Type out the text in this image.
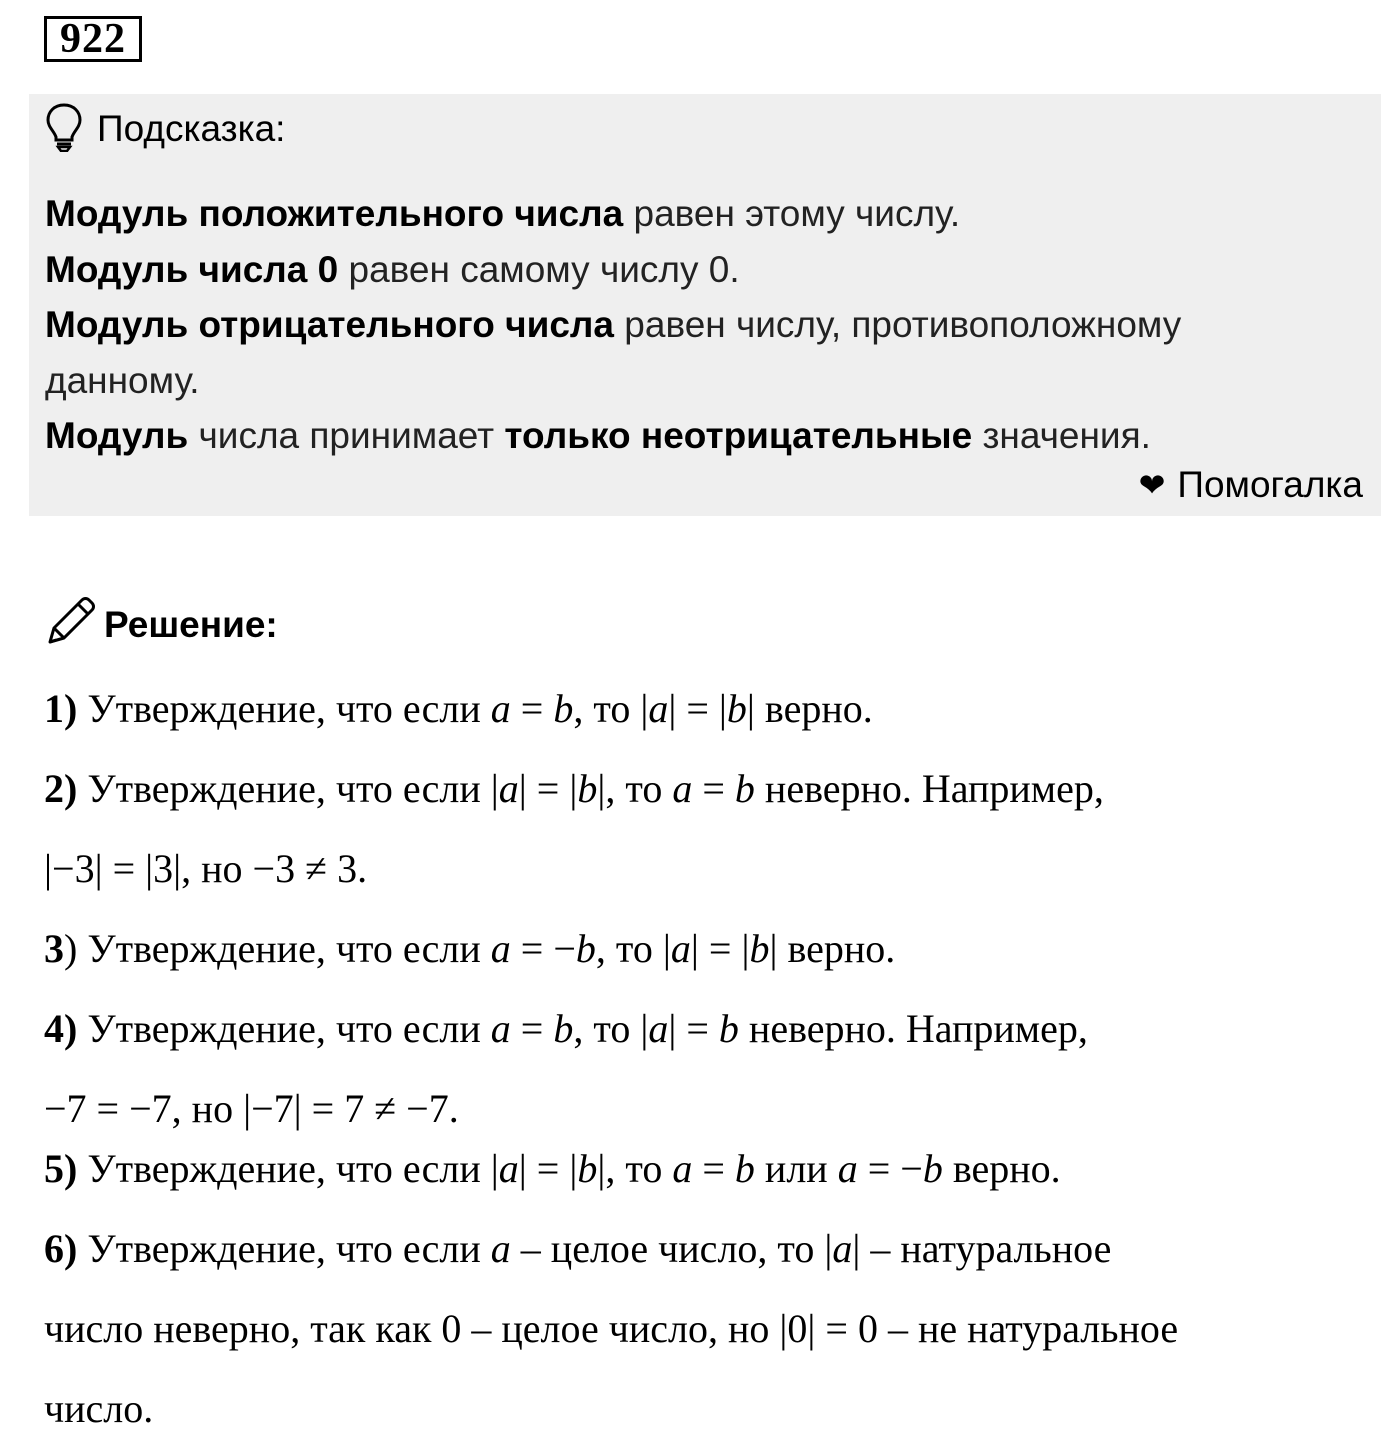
922
Подсказка:
Модуль положительного числа равен этому числу.
Модуль числа 0 равен самому числу 0.
Модуль отрицательного числа равен числу, противоположному
данному.
Модуль числа принимает только неотрицательные значения.
❤ Помогалка
Решение:
1) Утверждение, что если a = b, то |a| = |b| верно.
2) Утверждение, что если |a| = |b|, то a = b неверно. Например,
|−3| = |3|, но −3 ≠ 3.
3) Утверждение, что если a = −b, то |a| = |b| верно.
4) Утверждение, что если a = b, то |a| = b неверно. Например,
−7 = −7, но |−7| = 7 ≠ −7.
5) Утверждение, что если |a| = |b|, то a = b или a = −b верно.
6) Утверждение, что если a – целое число, то |a| – натуральное
число неверно, так как 0 – целое число, но |0| = 0 – не натуральное
число.
